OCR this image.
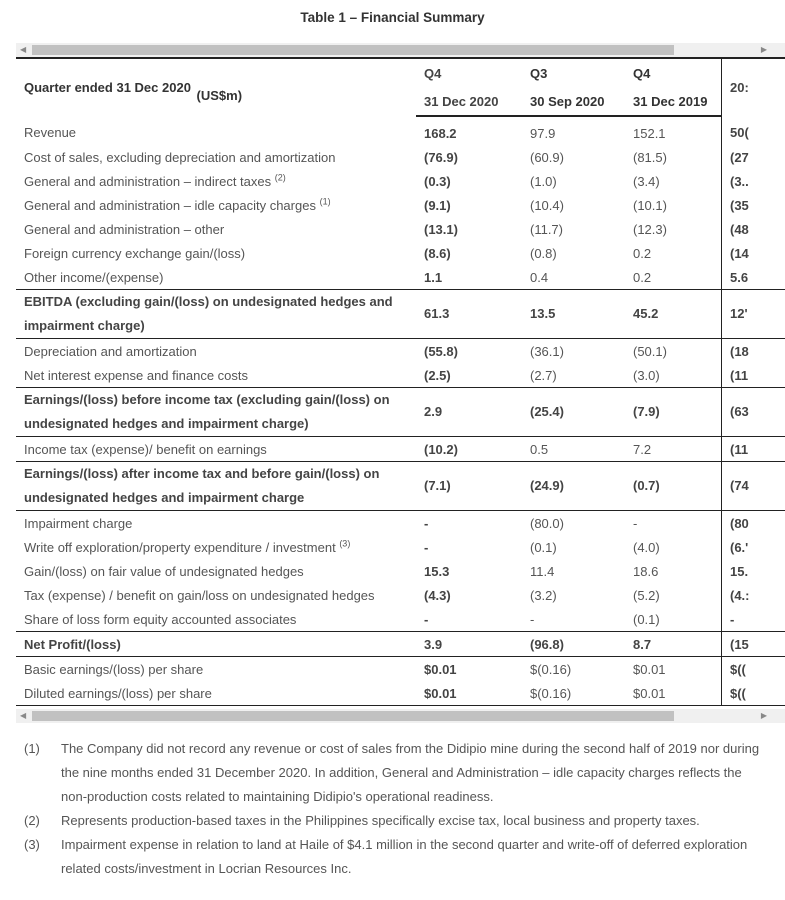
Table 1 – Financial Summary
◀	▶
Quarter ended 31 Dec 2020 (US$m)	Q4	Q3	Q4	20:
	31 Dec 2020	30 Sep 2020	31 Dec 2019	
Revenue	168.2	97.9	152.1	50(
Cost of sales, excluding depreciation and amortization	(76.9)	(60.9)	(81.5)	(27
General and administration – indirect taxes $^{(2)}$	(0.3)	(1.0)	(3.4)	(3..
General and administration – idle capacity charges $^{(1)}$	(9.1)	(10.4)	(10.1)	(35
General and administration – other	(13.1)	(11.7)	(12.3)	(48
Foreign currency exchange gain/(loss)	(8.6)	(0.8)	0.2	(14
Other income/(expense)	1.1	0.4	0.2	5.6
EBITDA (excluding gain/(loss) on undesignated hedges and impairment charge)	61.3	13.5	45.2	12'
Depreciation and amortization	(55.8)	(36.1)	(50.1)	(18
Net interest expense and finance costs	(2.5)	(2.7)	(3.0)	(11
Earnings/(loss) before income tax (excluding gain/(loss) on undesignated hedges and impairment charge)	2.9	(25.4)	(7.9)	(63
Income tax (expense)/ benefit on earnings	(10.2)	0.5	7.2	(11
Earnings/(loss) after income tax and before gain/(loss) on undesignated hedges and impairment charge	(7.1)	(24.9)	(0.7)	(74
Impairment charge	-	(80.0)	-	(80
Write off exploration/property expenditure / investment $^{(3)}$	-	(0.1)	(4.0)	(6.'
Gain/(loss) on fair value of undesignated hedges	15.3	11.4	18.6	15.
Tax (expense) / benefit on gain/loss on undesignated hedges	(4.3)	(3.2)	(5.2)	(4.:
Share of loss form equity accounted associates	-	-	(0.1)	-
Net Profit/(loss)	3.9	(96.8)	8.7	(15
Basic earnings/(loss) per share	$0.01	$(0.16)	$0.01	$((
Diluted earnings/(loss) per share	$0.01	$(0.16)	$0.01	$((
◀	▶
(1)	The Company did not record any revenue or cost of sales from the Didipio mine during the second half of 2019 nor during the nine months ended 31 December 2020. In addition, General and Administration – idle capacity charges reflects the non-production costs related to maintaining Didipio's operational readiness.
(2)	Represents production-based taxes in the Philippines specifically excise tax, local business and property taxes.
(3)	Impairment expense in relation to land at Haile of $4.1 million in the second quarter and write-off of deferred exploration related costs/investment in Locrian Resources Inc.
